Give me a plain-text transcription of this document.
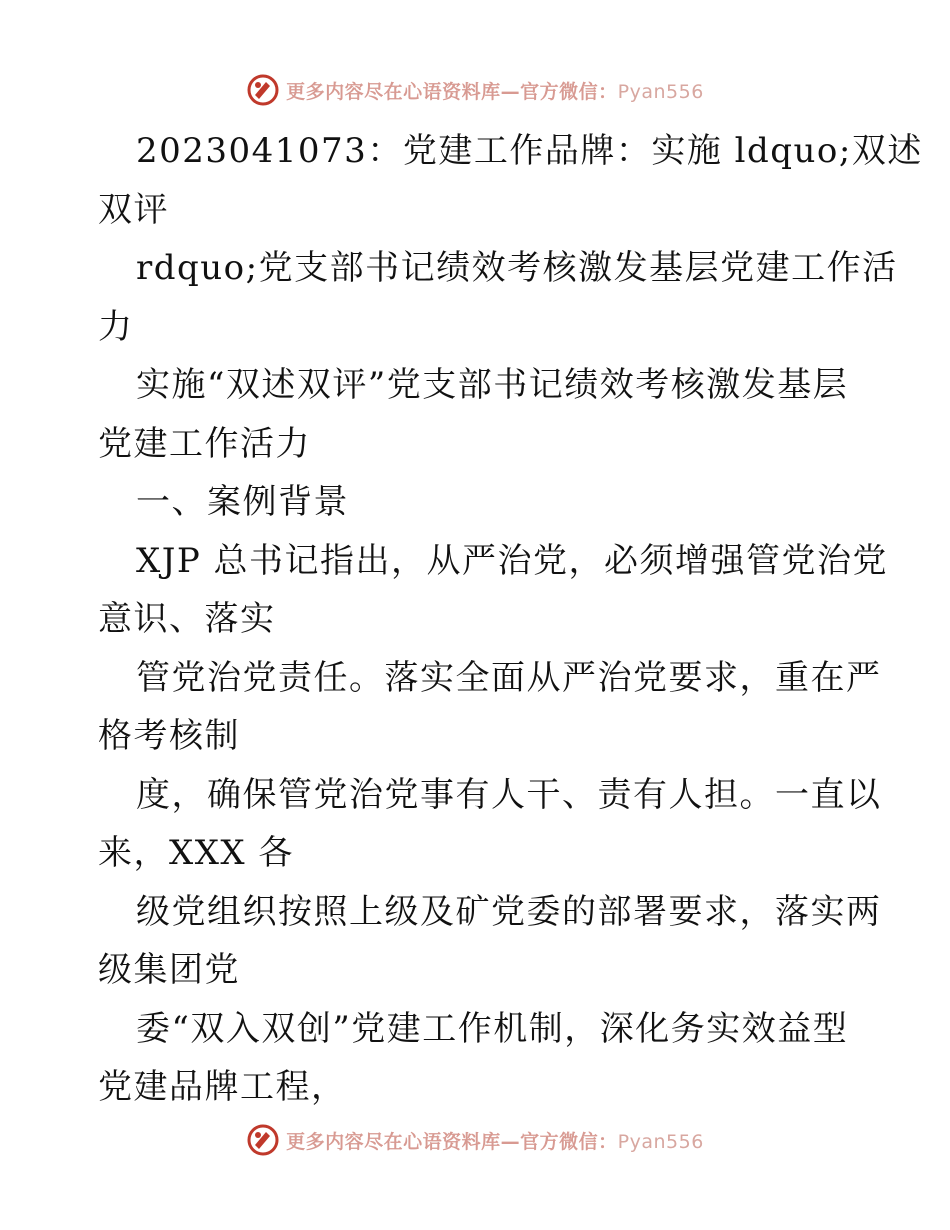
更多内容尽在心语资料库—官方微信：Pyan556
2023041073：党建工作品牌：实施 ldquo;双述
双评
rdquo;党支部书记绩效考核激发基层党建工作活
力
实施“双述双评”党支部书记绩效考核激发基层
党建工作活力
一、案例背景
XJP 总书记指出，从严治党，必须增强管党治党
意识、落实
管党治党责任。落实全面从严治党要求，重在严
格考核制
度，确保管党治党事有人干、责有人担。一直以
来，XXX 各
级党组织按照上级及矿党委的部署要求，落实两
级集团党
委“双入双创”党建工作机制，深化务实效益型
党建品牌工程，
更多内容尽在心语资料库—官方微信：Pyan556
